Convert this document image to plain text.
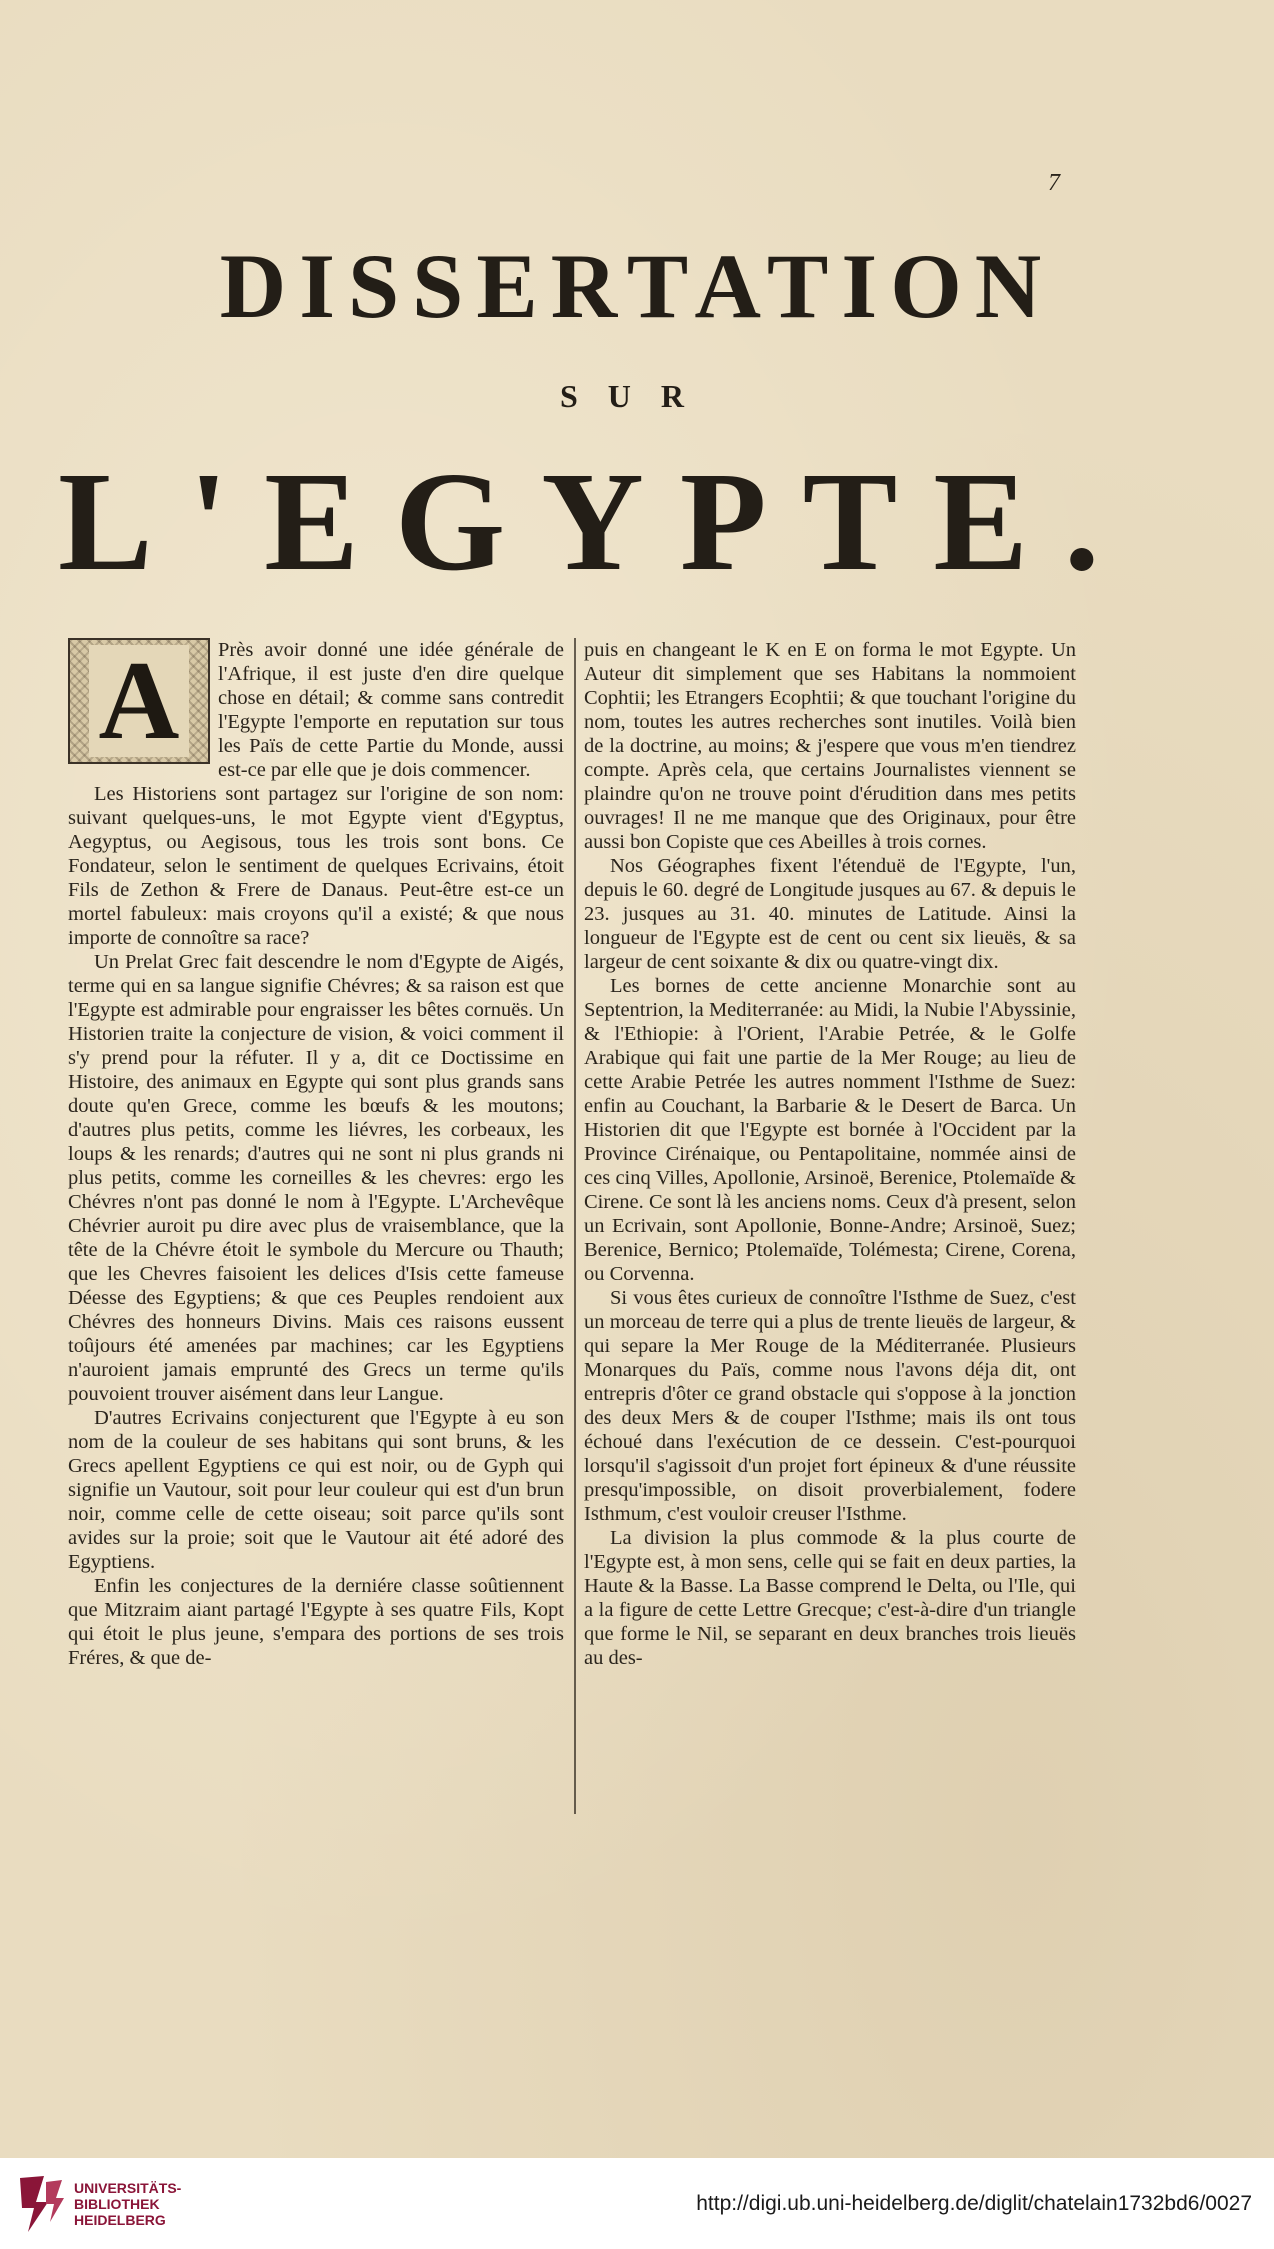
7
DISSERTATION
SUR
L'EGYPTE.
A	Près avoir donné une idée générale de l'Afrique, il est juste d'en dire quelque chose en détail; & comme sans contredit l'Egypte l'emporte en reputation sur tous les Païs de cette Partie du Monde, aussi est-ce par elle que je dois commencer.

Les Historiens sont partagez sur l'origine de son nom: suivant quelques-uns, le mot Egypte vient d'Egyptus, Aegyptus, ou Aegisous, tous les trois sont bons. Ce Fondateur, selon le sentiment de quelques Ecrivains, étoit Fils de Zethon & Frere de Danaus. Peut-être est-ce un mortel fabuleux: mais croyons qu'il a existé; & que nous importe de connoître sa race?

Un Prelat Grec fait descendre le nom d'Egypte de Aigés, terme qui en sa langue signifie Chévres; & sa raison est que l'Egypte est admirable pour engraisser les bêtes cornuës. Un Historien traite la conjecture de vision, & voici comment il s'y prend pour la réfuter. Il y a, dit ce Doctissime en Histoire, des animaux en Egypte qui sont plus grands sans doute qu'en Grece, comme les bœufs & les moutons; d'autres plus petits, comme les liévres, les corbeaux, les loups & les renards; d'autres qui ne sont ni plus grands ni plus petits, comme les corneilles & les chevres: ergo les Chévres n'ont pas donné le nom à l'Egypte. L'Archevêque Chévrier auroit pu dire avec plus de vraisemblance, que la tête de la Chévre étoit le symbole du Mercure ou Thauth; que les Chevres faisoient les delices d'Isis cette fameuse Déesse des Egyptiens; & que ces Peuples rendoient aux Chévres des honneurs Divins. Mais ces raisons eussent toûjours été amenées par machines; car les Egyptiens n'auroient jamais emprunté des Grecs un terme qu'ils pouvoient trouver aisément dans leur Langue.

D'autres Ecrivains conjecturent que l'Egypte à eu son nom de la couleur de ses habitans qui sont bruns, & les Grecs apellent Egyptiens ce qui est noir, ou de Gyph qui signifie un Vautour, soit pour leur couleur qui est d'un brun noir, comme celle de cette oiseau; soit parce qu'ils sont avides sur la proie; soit que le Vautour ait été adoré des Egyptiens.

Enfin les conjectures de la derniére classe soûtiennent que Mitzraim aiant partagé l'Egypte à ses quatre Fils, Kopt qui étoit le plus jeune, s'empara des portions de ses trois Fréres, & que de-

puis en changeant le K en E on forma le mot Egypte. Un Auteur dit simplement que ses Habitans la nommoient Cophtii; les Etrangers Ecophtii; & que touchant l'origine du nom, toutes les autres recherches sont inutiles. Voilà bien de la doctrine, au moins; & j'espere que vous m'en tiendrez compte. Après cela, que certains Journalistes viennent se plaindre qu'on ne trouve point d'érudition dans mes petits ouvrages! Il ne me manque que des Originaux, pour être aussi bon Copiste que ces Abeilles à trois cornes.

Nos Géographes fixent l'étenduë de l'Egypte, l'un, depuis le 60. degré de Longitude jusques au 67. & depuis le 23. jusques au 31. 40. minutes de Latitude. Ainsi la longueur de l'Egypte est de cent ou cent six lieuës, & sa largeur de cent soixante & dix ou quatre-vingt dix.

Les bornes de cette ancienne Monarchie sont au Septentrion, la Mediterranée: au Midi, la Nubie l'Abyssinie, & l'Ethiopie: à l'Orient, l'Arabie Petrée, & le Golfe Arabique qui fait une partie de la Mer Rouge; au lieu de cette Arabie Petrée les autres nomment l'Isthme de Suez: enfin au Couchant, la Barbarie & le Desert de Barca. Un Historien dit que l'Egypte est bornée à l'Occident par la Province Cirénaique, ou Pentapolitaine, nommée ainsi de ces cinq Villes, Apollonie, Arsinoë, Berenice, Ptolemaïde & Cirene. Ce sont là les anciens noms. Ceux d'à present, selon un Ecrivain, sont Apollonie, Bonne-Andre; Arsinoë, Suez; Berenice, Bernico; Ptolemaïde, Tolémesta; Cirene, Corena, ou Corvenna.

Si vous êtes curieux de connoître l'Isthme de Suez, c'est un morceau de terre qui a plus de trente lieuës de largeur, & qui separe la Mer Rouge de la Méditerranée. Plusieurs Monarques du Païs, comme nous l'avons déja dit, ont entrepris d'ôter ce grand obstacle qui s'oppose à la jonction des deux Mers & de couper l'Isthme; mais ils ont tous échoué dans l'exécution de ce dessein. C'est-pourquoi lorsqu'il s'agissoit d'un projet fort épineux & d'une réussite presqu'impossible, on disoit proverbialement, fodere Isthmum, c'est vouloir creuser l'Isthme.

La division la plus commode & la plus courte de l'Egypte est, à mon sens, celle qui se fait en deux parties, la Haute & la Basse. La Basse comprend le Delta, ou l'Ile, qui a la figure de cette Lettre Grecque; c'est-à-dire d'un triangle que forme le Nil, se separant en deux branches trois lieuës au des-

UNIVERSITÄTS-
BIBLIOTHEK
HEIDELBERG
http://digi.ub.uni-heidelberg.de/diglit/chatelain1732bd6/0027
